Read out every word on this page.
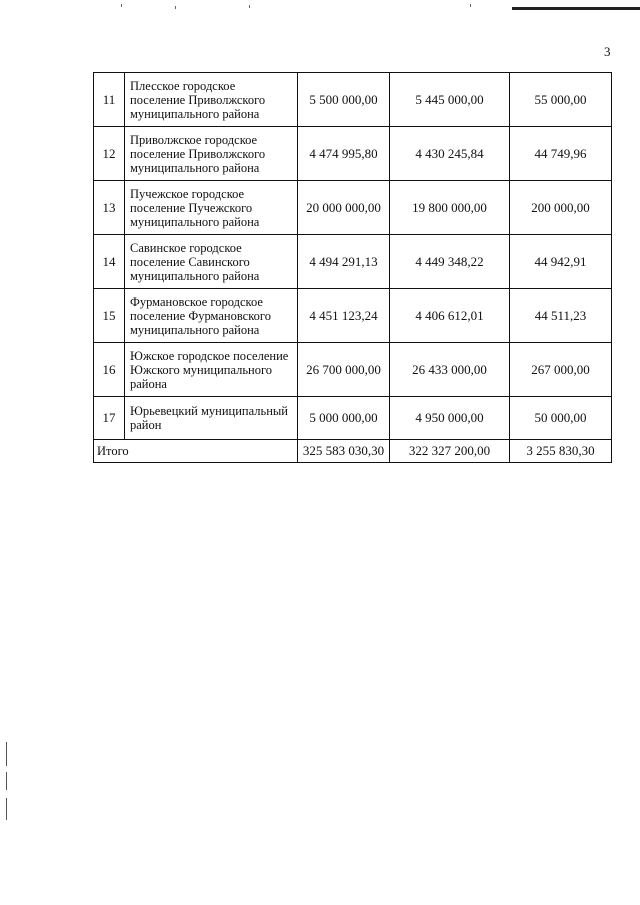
3
11	Плесское городское поселение Приволжского муниципального района	5 500 000,00	5 445 000,00	55 000,00
12	Приволжское городское поселение Приволжского муниципального района	4 474 995,80	4 430 245,84	44 749,96
13	Пучежское городское поселение Пучежского муниципального района	20 000 000,00	19 800 000,00	200 000,00
14	Савинское городское поселение Савинского муниципального района	4 494 291,13	4 449 348,22	44 942,91
15	Фурмановское городское поселение Фурмановского муниципального района	4 451 123,24	4 406 612,01	44 511,23
16	Южское городское поселение Южского муниципального района	26 700 000,00	26 433 000,00	267 000,00
17	Юрьевецкий муниципальный район	5 000 000,00	4 950 000,00	50 000,00
Итого		325 583 030,30	322 327 200,00	3 255 830,30
